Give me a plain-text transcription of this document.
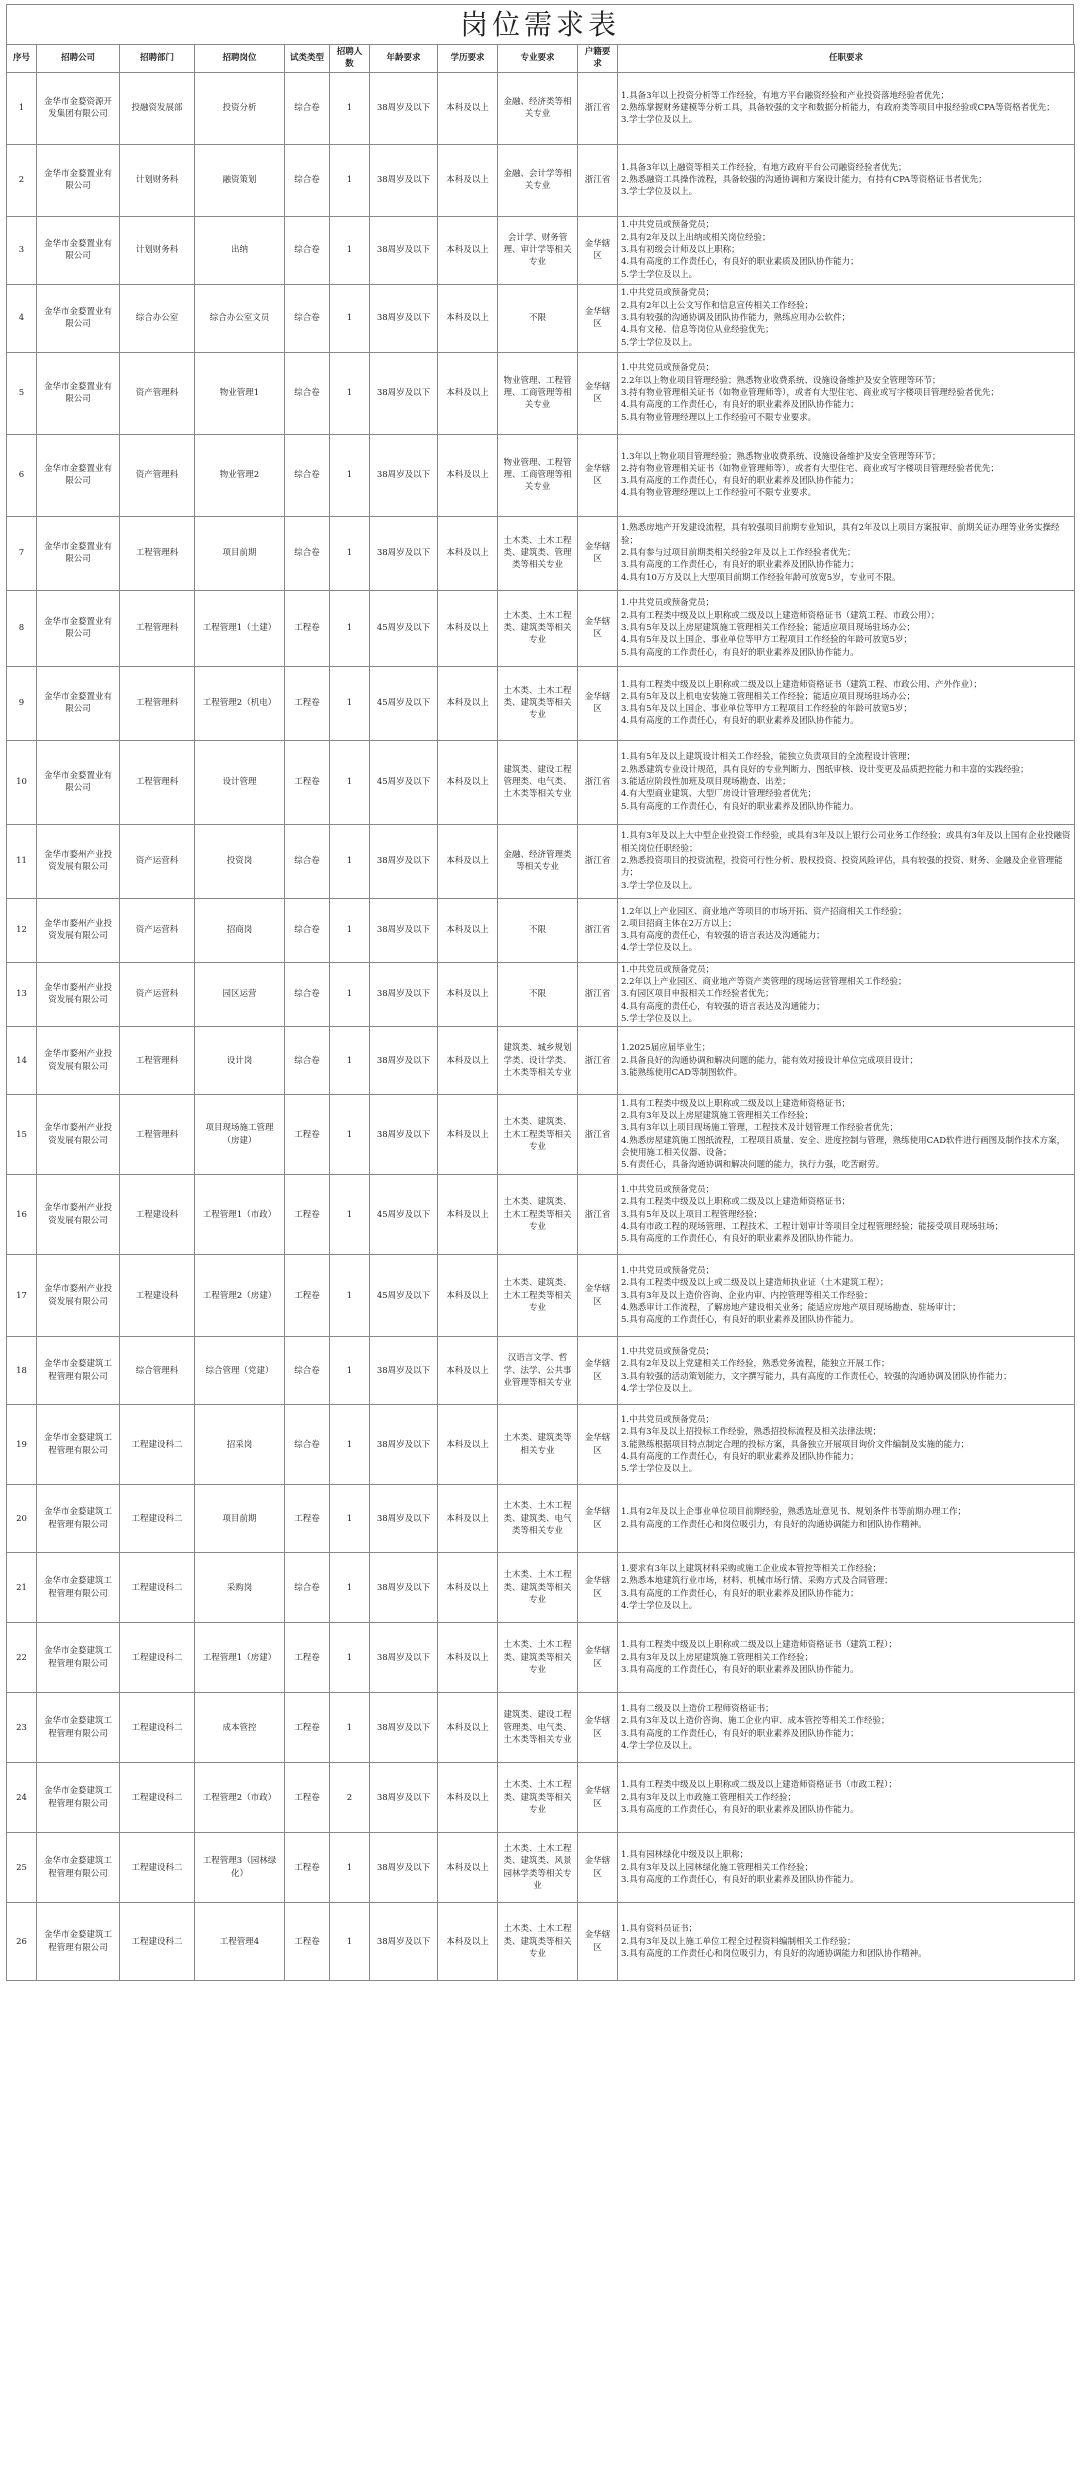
岗位需求表
序号	招聘公司	招聘部门	招聘岗位	试类类型	招聘人数	年龄要求	学历要求	专业要求	户籍要求	任职要求
1	金华市金婺资源开发集团有限公司	投融资发展部	投资分析	综合卷	1	38周岁及以下	本科及以上	金融、经济类等相关专业	浙江省	1.具备3年以上投资分析等工作经验，有地方平台融资经验和产业投资落地经验者优先；
2.熟练掌握财务建模等分析工具，具备较强的文字和数据分析能力，有政府类等项目申报经验或CPA等资格者优先；
3.学士学位及以上。

2	金华市金婺置业有限公司	计划财务科	融资策划	综合卷	1	38周岁及以下	本科及以上	金融、会计学等相关专业	浙江省	1.具备3年以上融资等相关工作经验，有地方政府平台公司融资经验者优先；
2.熟悉融资工具操作流程，具备较强的沟通协调和方案设计能力，有持有CPA等资格证书者优先；
3.学士学位及以上。

3	金华市金婺置业有限公司	计划财务科	出纳	综合卷	1	38周岁及以下	本科及以上	会计学、财务管理、审计学等相关专业	金华辖区	1.中共党员或预备党员；
2.具有2年及以上出纳或相关岗位经验；
3.具有初级会计师及以上职称；
4.具有高度的工作责任心，有良好的职业素质及团队协作能力；
5.学士学位及以上。

4	金华市金婺置业有限公司	综合办公室	综合办公室文员	综合卷	1	38周岁及以下	本科及以上	不限	金华辖区	1.中共党员或预备党员；
2.具有2年以上公文写作和信息宣传相关工作经验；
3.具有较强的沟通协调及团队协作能力，熟练应用办公软件；
4.具有文秘、信息等岗位从业经验优先；
5.学士学位及以上。

5	金华市金婺置业有限公司	资产管理科	物业管理1	综合卷	1	38周岁及以下	本科及以上	物业管理、工程管理、工商管理等相关专业	金华辖区	1.中共党员或预备党员；
2.2年以上物业项目管理经验；熟悉物业收费系统、设施设备维护及安全管理等环节；
3.持有物业管理相关证书（如物业管理师等），或者有大型住宅、商业或写字楼项目管理经验者优先；
4.具有高度的工作责任心，有良好的职业素养及团队协作能力；
5.具有物业管理经理以上工作经验可不限专业要求。

6	金华市金婺置业有限公司	资产管理科	物业管理2	综合卷	1	38周岁及以下	本科及以上	物业管理、工程管理、工商管理等相关专业	金华辖区	1.3年以上物业项目管理经验；熟悉物业收费系统、设施设备维护及安全管理等环节；
2.持有物业管理相关证书（如物业管理师等），或者有大型住宅、商业或写字楼项目管理经验者优先；
3.具有高度的工作责任心，有良好的职业素养及团队协作能力；
4.具有物业管理经理以上工作经验可不限专业要求。

7	金华市金婺置业有限公司	工程管理科	项目前期	综合卷	1	38周岁及以下	本科及以上	土木类、土木工程类、建筑类、管理类等相关专业	金华辖区	1.熟悉房地产开发建设流程，具有较强项目前期专业知识，具有2年及以上项目方案报审、前期关证办理等业务实操经验；
2.具有参与过项目前期类相关经验2年及以上工作经验者优先；
3.具有高度的工作责任心，有良好的职业素养及团队协作能力；
4.具有10万方及以上大型项目前期工作经验年龄可放宽5岁，专业可不限。

8	金华市金婺置业有限公司	工程管理科	工程管理1（土建）	工程卷	1	45周岁及以下	本科及以上	土木类、土木工程类、建筑类等相关专业	金华辖区	1.中共党员或预备党员；
2.具有工程类中级及以上职称或二级及以上建造师资格证书（建筑工程、市政公用）；
3.具有5年及以上房屋建筑施工管理相关工作经验；能适应项目现场驻场办公；
4.具有5年及以上国企、事业单位等甲方工程项目工作经验的年龄可放宽5岁；
5.具有高度的工作责任心，有良好的职业素养及团队协作能力。

9	金华市金婺置业有限公司	工程管理科	工程管理2（机电）	工程卷	1	45周岁及以下	本科及以上	土木类、土木工程类、建筑类等相关专业	金华辖区	1.具有工程类中级及以上职称或二级及以上建造师资格证书（建筑工程、市政公用、产外作业）；
2.具有5年及以上机电安装施工管理相关工作经验；能适应项目现场驻场办公；
3.具有5年及以上国企、事业单位等甲方工程项目工作经验的年龄可放宽5岁；
4.具有高度的工作责任心，有良好的职业素养及团队协作能力。

10	金华市金婺置业有限公司	工程管理科	设计管理	工程卷	1	45周岁及以下	本科及以上	建筑类、建设工程管理类、电气类、土木类等相关专业	浙江省	1.具有5年及以上建筑设计相关工作经验，能独立负责项目的全流程设计管理；
2.熟悉建筑专业设计规范，具有良好的专业判断力、图纸审核、设计变更及品质把控能力和丰富的实践经验；
3.能适应阶段性加班及项目现场勘查、出差；
4.有大型商业建筑、大型厂房设计管理经验者优先；
5.具有高度的工作责任心，有良好的职业素养及团队协作能力。

11	金华市婺州产业投资发展有限公司	资产运营科	投资岗	综合卷	1	38周岁及以下	本科及以上	金融、经济管理类等相关专业	浙江省	1.具有3年及以上大中型企业投资工作经验，或具有3年及以上银行公司业务工作经验；或具有3年及以上国有企业投融资相关岗位任职经验；
2.熟悉投资项目的投资流程，投资可行性分析、股权投资、投资风险评估，具有较强的投资、财务、金融及企业管理能力；
3.学士学位及以上。

12	金华市婺州产业投资发展有限公司	资产运营科	招商岗	综合卷	1	38周岁及以下	本科及以上	不限	浙江省	1.2年以上产业园区、商业地产等项目的市场开拓、资产招商相关工作经验；
2.项目招商主体在2万方以上；
3.具有高度的责任心，有较强的语言表达及沟通能力；
4.学士学位及以上。

13	金华市婺州产业投资发展有限公司	资产运营科	园区运营	综合卷	1	38周岁及以下	本科及以上	不限	浙江省	1.中共党员或预备党员；
2.2年以上产业园区、商业地产等资产类管理的现场运营管理相关工作经验；
3.有园区项目申报相关工作经验者优先；
4.具有高度的责任心，有较强的语言表达及沟通能力；
5.学士学位及以上。

14	金华市婺州产业投资发展有限公司	工程管理科	设计岗	综合卷	1	38周岁及以下	本科及以上	建筑类、城乡规划学类、设计学类、土木类等相关专业	浙江省	1.2025届应届毕业生；
2.具备良好的沟通协调和解决问题的能力，能有效对接设计单位完成项目设计；
3.能熟练使用CAD等制图软件。

15	金华市婺州产业投资发展有限公司	工程管理科	项目现场施工管理（房建）	工程卷	1	38周岁及以下	本科及以上	土木类、建筑类、土木工程类等相关专业	浙江省	1.具有工程类中级及以上职称或二级及以上建造师资格证书；
2.具有3年及以上房屋建筑施工管理相关工作经验；
3.具有3年以上项目现场施工管理，工程技术及计划管理工作经验者优先；
4.熟悉房屋建筑施工图纸流程，工程项目质量、安全、进度控制与管理，熟练使用CAD软件进行画图及制作技术方案，会使用施工相关仪器、设备；
5.有责任心，具备沟通协调和解决问题的能力，执行力强，吃苦耐劳。

16	金华市婺州产业投资发展有限公司	工程建设科	工程管理1（市政）	工程卷	1	45周岁及以下	本科及以上	土木类、建筑类、土木工程类等相关专业	浙江省	1.中共党员或预备党员；
2.具有工程类中级及以上职称或二级及以上建造师资格证书；
3.具有5年及以上项目工程管理经验；
4.具有市政工程的现场管理、工程技术、工程计划审计等项目全过程管理经验；能接受项目现场驻场；
5.具有高度的工作责任心，有良好的职业素养及团队协作能力。

17	金华市婺州产业投资发展有限公司	工程建设科	工程管理2（房建）	工程卷	1	45周岁及以下	本科及以上	土木类、建筑类、土木工程类等相关专业	金华辖区	1.中共党员或预备党员；
2.具有工程类中级及以上或二级及以上建造师执业证（土木建筑工程）；
3.具有3年及以上造价咨询、企业内审、内控管理等相关工作经验；
4.熟悉审计工作流程，了解房地产建设相关业务；能适应房地产项目现场勘查、驻场审计；
5.具有高度的工作责任心，有良好的职业素养及团队协作能力。

18	金华市金婺建筑工程管理有限公司	综合管理科	综合管理（党建）	综合卷	1	38周岁及以下	本科及以上	汉语言文学、哲学、法学、公共事业管理等相关专业	金华辖区	1.中共党员或预备党员；
2.具有2年及以上党建相关工作经验，熟悉党务流程，能独立开展工作；
3.具有较强的活动策划能力，文字撰写能力，具有高度的工作责任心，较强的沟通协调及团队协作能力；
4.学士学位及以上。

19	金华市金婺建筑工程管理有限公司	工程建设科二	招采岗	综合卷	1	38周岁及以下	本科及以上	土木类、建筑类等相关专业	金华辖区	1.中共党员或预备党员；
2.具有3年及以上招投标工作经验，熟悉招投标流程及相关法律法规；
3.能熟练根据项目特点制定合理的投标方案，具备独立开展项目询价文件编制及实施的能力；
4.具有高度的工作责任心，有良好的职业素养及团队协作能力；
5.学士学位及以上。

20	金华市金婺建筑工程管理有限公司	工程建设科二	项目前期	工程卷	1	38周岁及以下	本科及以上	土木类、土木工程类、建筑类、电气类等相关专业	金华辖区	1.具有2年及以上企事业单位项目前期经验，熟悉选址意见书、规划条件书等前期办理工作；
2.具有高度的工作责任心和岗位吸引力，有良好的沟通协调能力和团队协作精神。

21	金华市金婺建筑工程管理有限公司	工程建设科二	采购岗	综合卷	1	38周岁及以下	本科及以上	土木类、土木工程类、建筑类等相关专业	金华辖区	1.要求有3年以上建筑材料采购或施工企业成本管控等相关工作经验；
2.熟悉本地建筑行业市场，材料、机械市场行情、采购方式及合同管理；
3.具有高度的工作责任心，有良好的职业素养及团队协作能力；
4.学士学位及以上。

22	金华市金婺建筑工程管理有限公司	工程建设科二	工程管理1（房建）	工程卷	1	38周岁及以下	本科及以上	土木类、土木工程类、建筑类等相关专业	金华辖区	1.具有工程类中级及以上职称或二级及以上建造师资格证书（建筑工程）；
2.具有3年及以上房屋建筑施工管理相关工作经验；
3.具有高度的工作责任心，有良好的职业素养及团队协作能力。

23	金华市金婺建筑工程管理有限公司	工程建设科二	成本管控	工程卷	1	38周岁及以下	本科及以上	建筑类、建设工程管理类、电气类、土木类等相关专业	金华辖区	1.具有二级及以上造价工程师资格证书；
2.具有3年及以上造价咨询、施工企业内审、成本管控等相关工作经验；
3.具有高度的工作责任心，有良好的职业素养及团队协作能力；
4.学士学位及以上。

24	金华市金婺建筑工程管理有限公司	工程建设科二	工程管理2（市政）	工程卷	2	38周岁及以下	本科及以上	土木类、土木工程类、建筑类等相关专业	金华辖区	1.具有工程类中级及以上职称或二级及以上建造师资格证书（市政工程）；
2.具有3年及以上市政施工管理相关工作经验；
3.具有高度的工作责任心，有良好的职业素养及团队协作能力。

25	金华市金婺建筑工程管理有限公司	工程建设科二	工程管理3（园林绿化）	工程卷	1	38周岁及以下	本科及以上	土木类、土木工程类、建筑类、风景园林学类等相关专业	金华辖区	1.具有园林绿化中级及以上职称；
2.具有3年及以上园林绿化施工管理相关工作经验；
3.具有高度的工作责任心，有良好的职业素养及团队协作能力。

26	金华市金婺建筑工程管理有限公司	工程建设科二	工程管理4	工程卷	1	38周岁及以下	本科及以上	土木类、土木工程类、建筑类等相关专业	金华辖区	1.具有资料员证书；
2.具有3年及以上施工单位工程全过程资料编制相关工作经验；
3.具有高度的工作责任心和岗位吸引力，有良好的沟通协调能力和团队协作精神。
